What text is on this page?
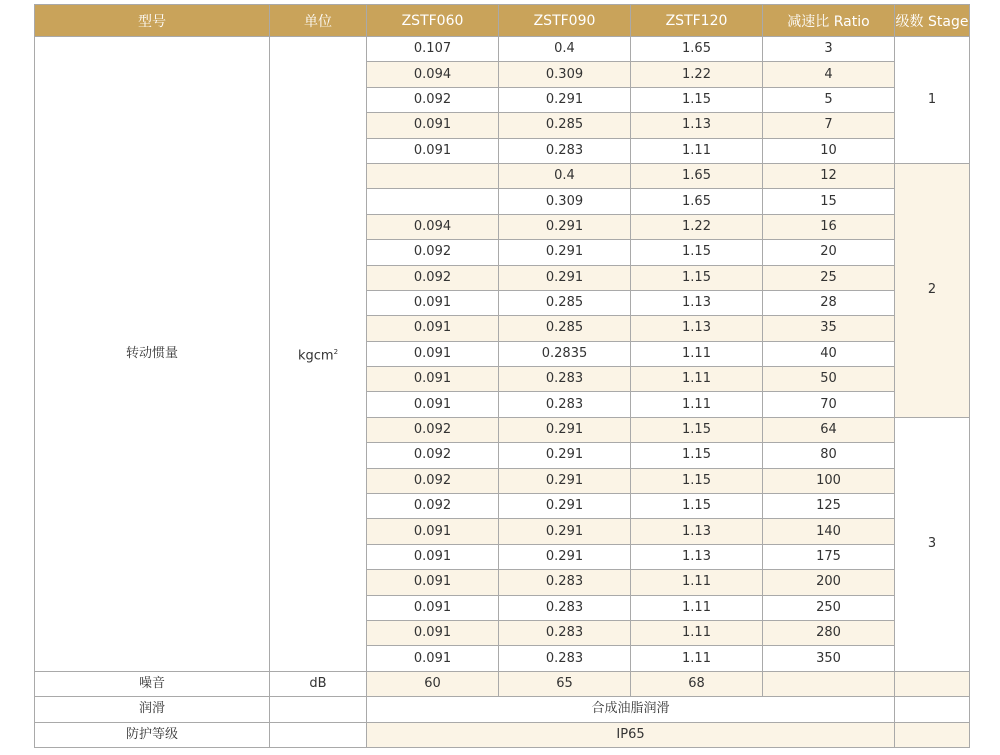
型号	单位	ZSTF060	ZSTF090	ZSTF120	减速比 Ratio	级数 Stage
转动惯量	kgcm$^2$	0.107	0.4	1.65	3	1
		0.094	0.309	1.22	4	
		0.092	0.291	1.15	5	
		0.091	0.285	1.13	7	
		0.091	0.283	1.11	10	
			0.4	1.65	12	2
			0.309	1.65	15	
		0.094	0.291	1.22	16	
		0.092	0.291	1.15	20	
		0.092	0.291	1.15	25	
		0.091	0.285	1.13	28	
		0.091	0.285	1.13	35	
		0.091	0.2835	1.11	40	
		0.091	0.283	1.11	50	
		0.091	0.283	1.11	70	
		0.092	0.291	1.15	64	3
		0.092	0.291	1.15	80	
		0.092	0.291	1.15	100	
		0.092	0.291	1.15	125	
		0.091	0.291	1.13	140	
		0.091	0.291	1.13	175	
		0.091	0.283	1.11	200	
		0.091	0.283	1.11	250	
		0.091	0.283	1.11	280	
		0.091	0.283	1.11	350	
噪音	dB	60	65	68		
润滑		合成油脂润滑				
防护等级		IP65				
